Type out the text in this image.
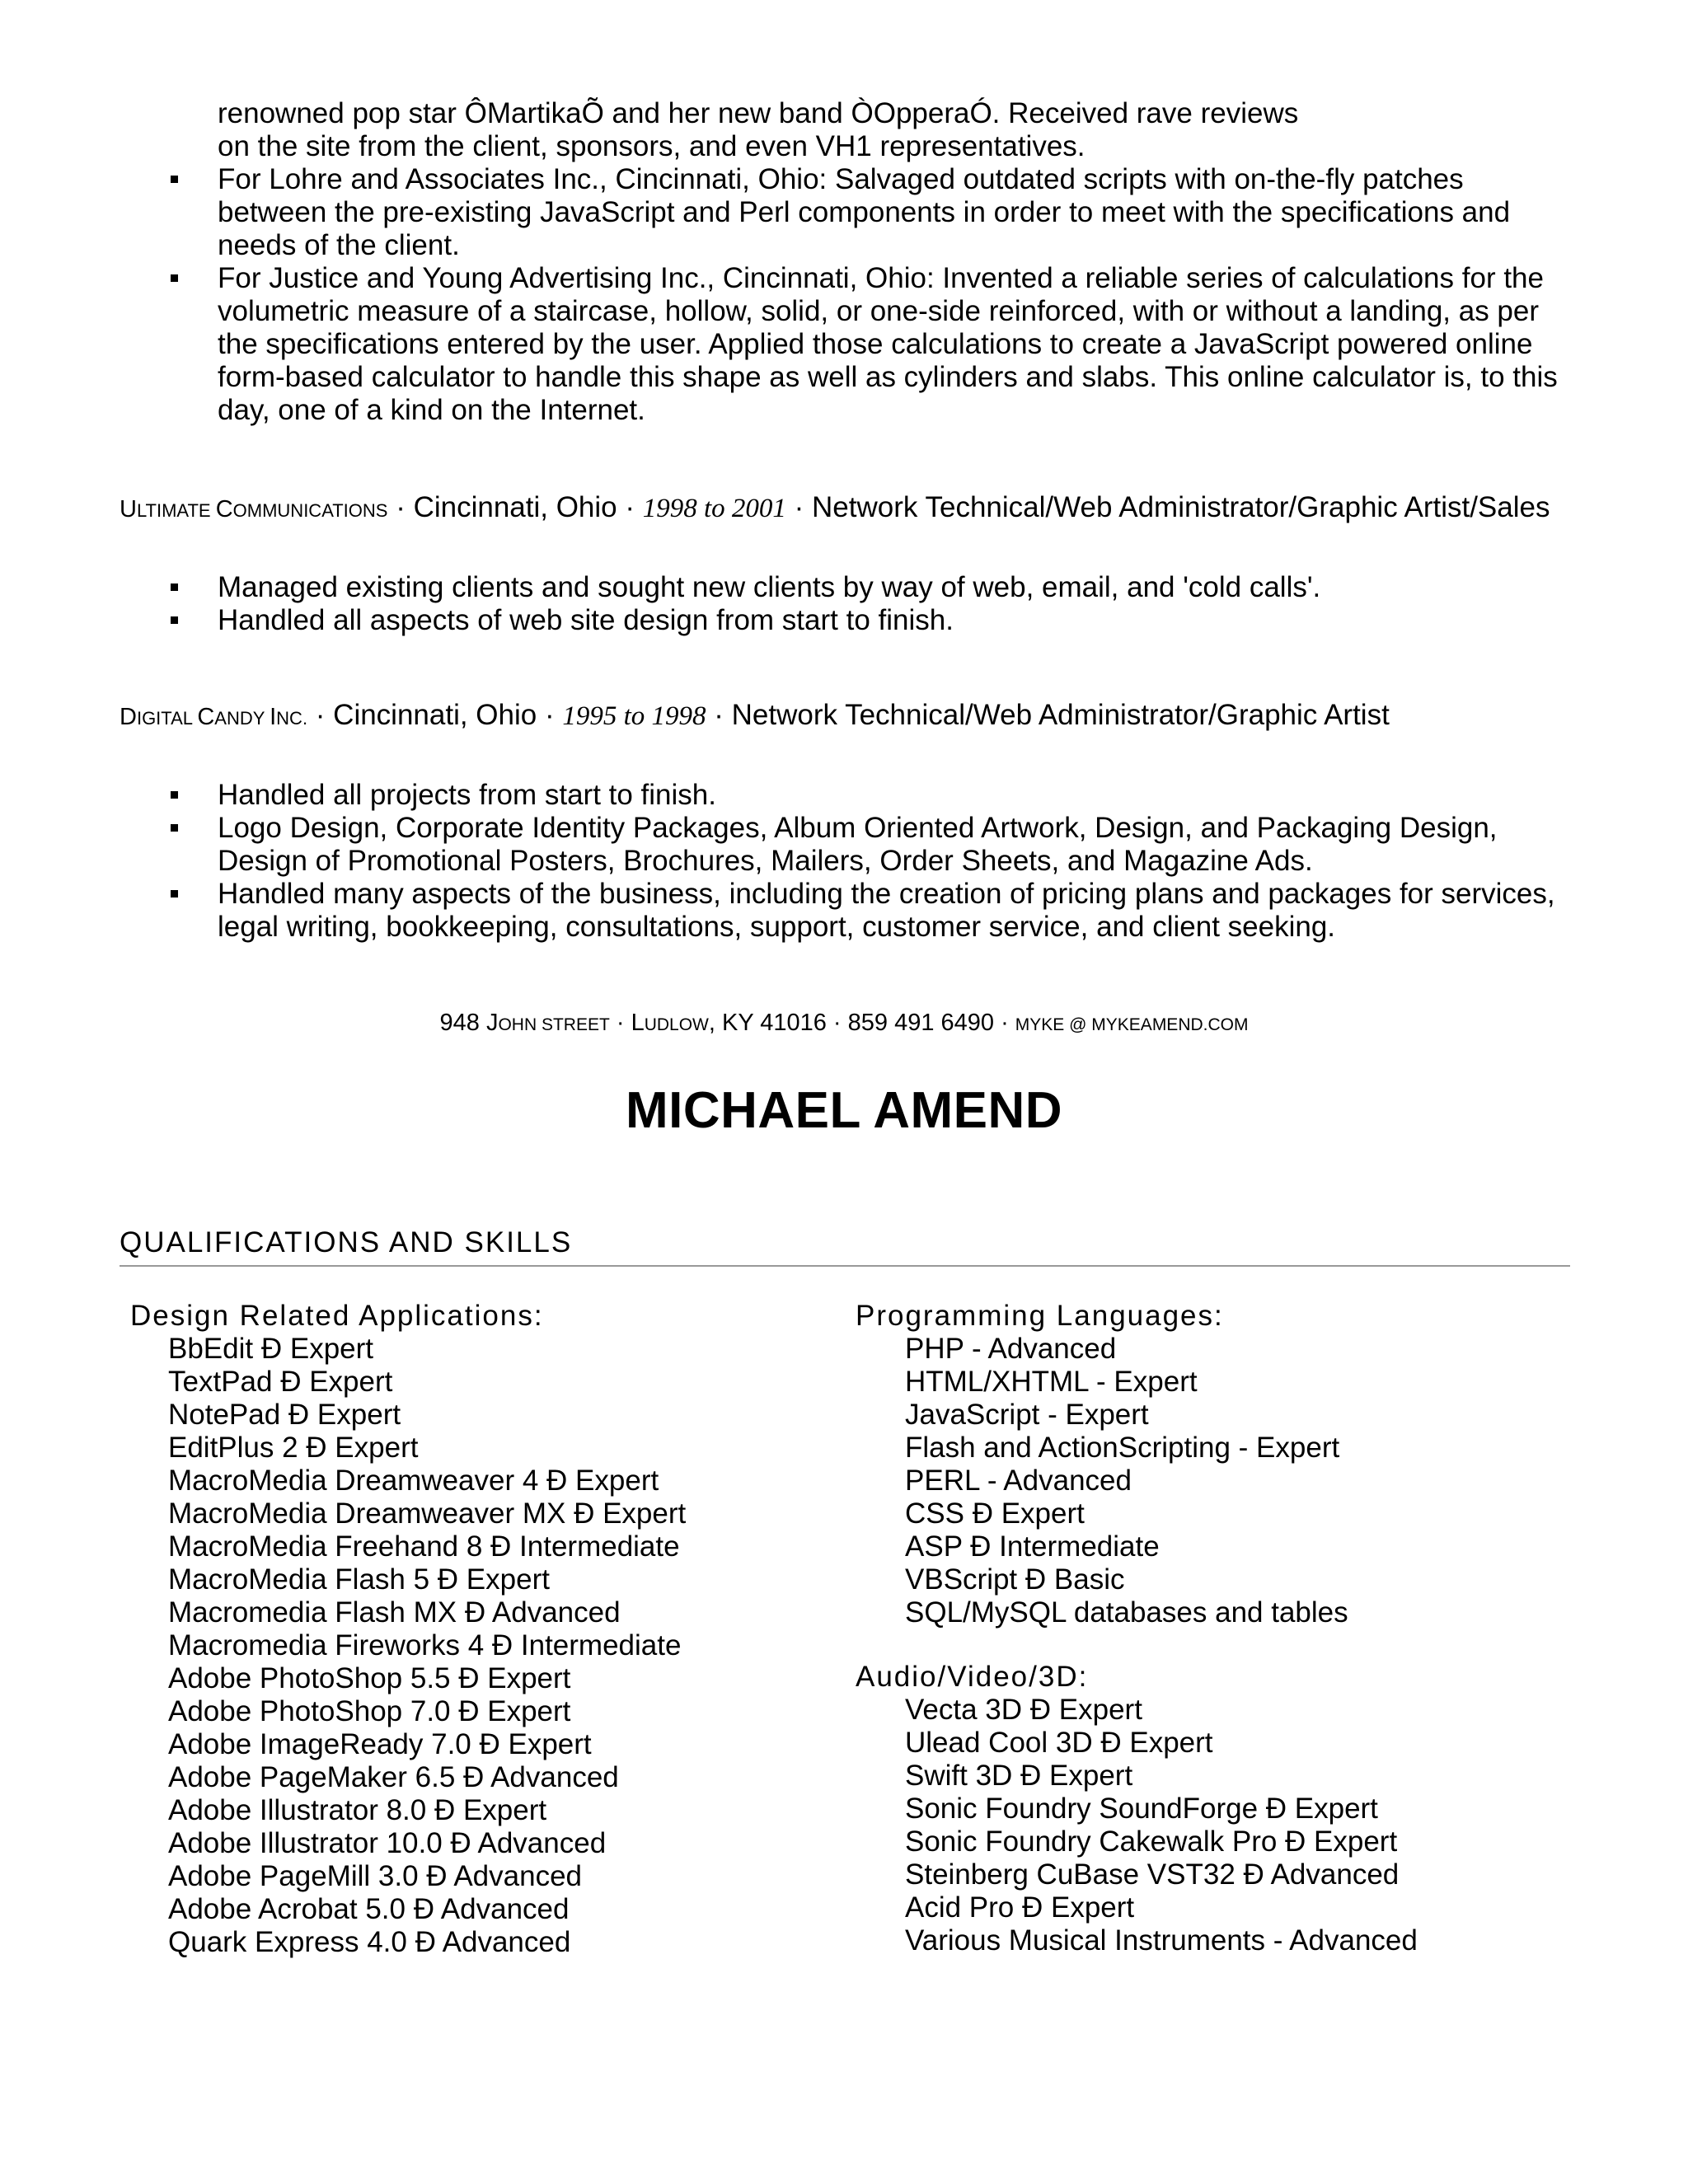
renowned pop star ÔMartikaÕ and her new band ÒOpperaÓ. Received rave reviews

on the site from the client, sponsors, and even VH1 representatives.

For Lohre and Associates Inc., Cincinnati, Ohio: Salvaged outdated scripts with on-the-fly patches between the pre-existing JavaScript and Perl components in order to meet with the specifications and needs of the client.
For Justice and Young Advertising Inc., Cincinnati, Ohio: Invented a reliable series of calculations for the volumetric measure of a staircase, hollow, solid, or one-side reinforced, with or without a landing, as per the specifications entered by the user. Applied those calculations to create a JavaScript powered online form-based calculator to handle this shape as well as cylinders and slabs. This online calculator is, to this day, one of a kind on the Internet.

ULTIMATE COMMUNICATIONS · Cincinnati, Ohio · 1998 to 2001 · Network Technical/Web Administrator/Graphic Artist/Sales

Managed existing clients and sought new clients by way of web, email, and 'cold calls'.
Handled all aspects of web site design from start to finish.

DIGITAL CANDY INC. · Cincinnati, Ohio · 1995 to 1998 · Network Technical/Web Administrator/Graphic Artist

Handled all projects from start to finish.
Logo Design, Corporate Identity Packages, Album Oriented Artwork, Design, and Packaging Design, Design of Promotional Posters, Brochures, Mailers, Order Sheets, and Magazine Ads.
Handled many aspects of the business, including the creation of pricing plans and packages for services, legal writing, bookkeeping, consultations, support, customer service, and client seeking.
948 JOHN STREET · LUDLOW, KY 41016 · 859 491 6490 · MYKE @ MYKEAMEND.COM
MICHAEL AMEND
QUALIFICATIONS AND SKILLS
Design Related Applications:
BbEdit Ð Expert
TextPad Ð Expert
NotePad Ð Expert
EditPlus 2 Ð Expert
MacroMedia Dreamweaver 4 Ð Expert
MacroMedia Dreamweaver MX Ð Expert
MacroMedia Freehand 8 Ð Intermediate
MacroMedia Flash 5 Ð Expert
Macromedia Flash MX Ð Advanced
Macromedia Fireworks 4 Ð Intermediate
Adobe PhotoShop 5.5 Ð Expert
Adobe PhotoShop 7.0 Ð Expert
Adobe ImageReady 7.0 Ð Expert
Adobe PageMaker 6.5 Ð Advanced
Adobe Illustrator 8.0 Ð Expert
Adobe Illustrator 10.0 Ð Advanced
Adobe PageMill 3.0 Ð Advanced
Adobe Acrobat 5.0 Ð Advanced
Quark Express 4.0 Ð Advanced
Programming Languages:
PHP - Advanced
HTML/XHTML - Expert
JavaScript - Expert
Flash and ActionScripting - Expert
PERL - Advanced
CSS Ð Expert
ASP Ð Intermediate
VBScript Ð Basic
SQL/MySQL databases and tables
Audio/Video/3D:
Vecta 3D Ð Expert
Ulead Cool 3D Ð Expert
Swift 3D Ð Expert
Sonic Foundry SoundForge Ð Expert
Sonic Foundry Cakewalk Pro Ð Expert
Steinberg CuBase VST32 Ð Advanced
Acid Pro Ð Expert
Various Musical Instruments - Advanced
